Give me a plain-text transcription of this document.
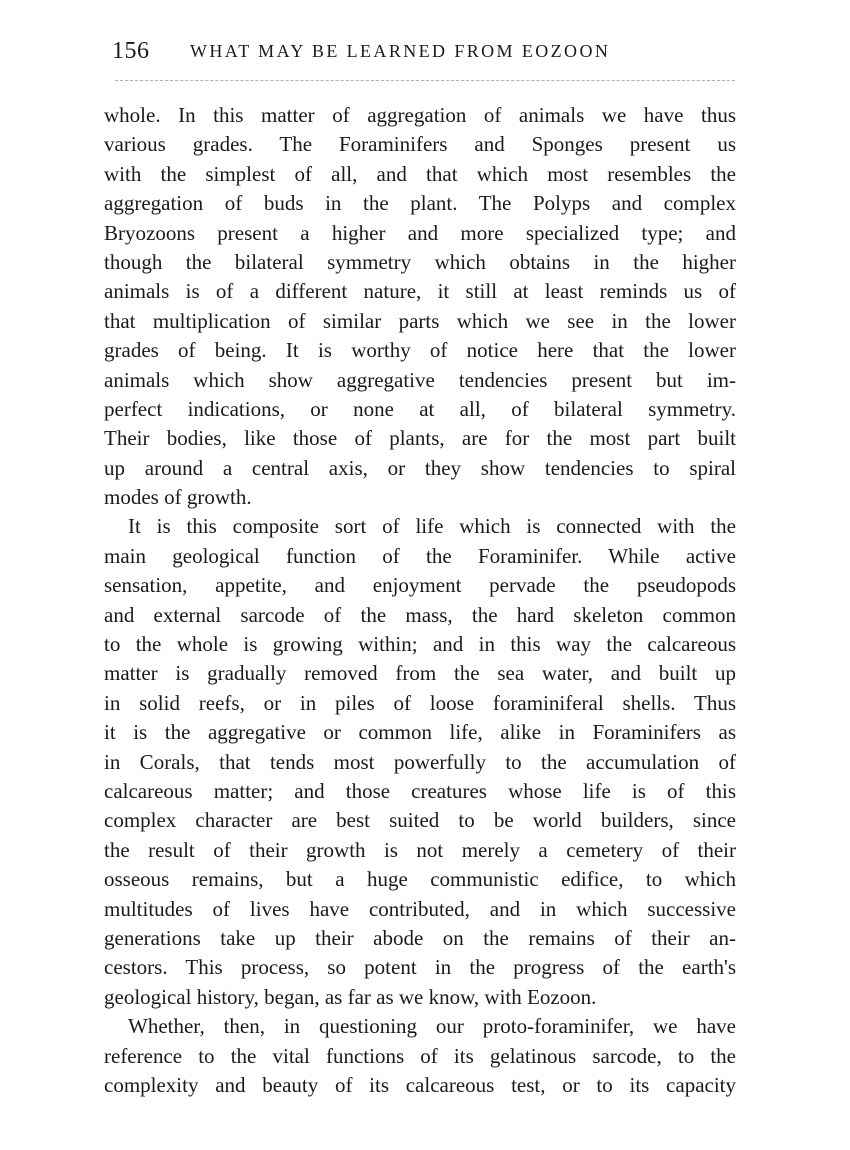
156 WHAT MAY BE LEARNED FROM EOZOON
whole. In this matter of aggregation of animals we have thus
various grades. The Foraminifers and Sponges present us
with the simplest of all, and that which most resembles the
aggregation of buds in the plant. The Polyps and complex
Bryozoons present a higher and more specialized type; and
though the bilateral symmetry which obtains in the higher
animals is of a different nature, it still at least reminds us of
that multiplication of similar parts which we see in the lower
grades of being. It is worthy of notice here that the lower
animals which show aggregative tendencies present but im-
perfect indications, or none at all, of bilateral symmetry.
Their bodies, like those of plants, are for the most part built
up around a central axis, or they show tendencies to spiral
modes of growth.
It is this composite sort of life which is connected with the
main geological function of the Foraminifer. While active
sensation, appetite, and enjoyment pervade the pseudopods
and external sarcode of the mass, the hard skeleton common
to the whole is growing within; and in this way the calcareous
matter is gradually removed from the sea water, and built up
in solid reefs, or in piles of loose foraminiferal shells. Thus
it is the aggregative or common life, alike in Foraminifers as
in Corals, that tends most powerfully to the accumulation of
calcareous matter; and those creatures whose life is of this
complex character are best suited to be world builders, since
the result of their growth is not merely a cemetery of their
osseous remains, but a huge communistic edifice, to which
multitudes of lives have contributed, and in which successive
generations take up their abode on the remains of their an-
cestors. This process, so potent in the progress of the earth's
geological history, began, as far as we know, with Eozoon.
Whether, then, in questioning our proto-foraminifer, we have
reference to the vital functions of its gelatinous sarcode, to the
complexity and beauty of its calcareous test, or to its capacity
